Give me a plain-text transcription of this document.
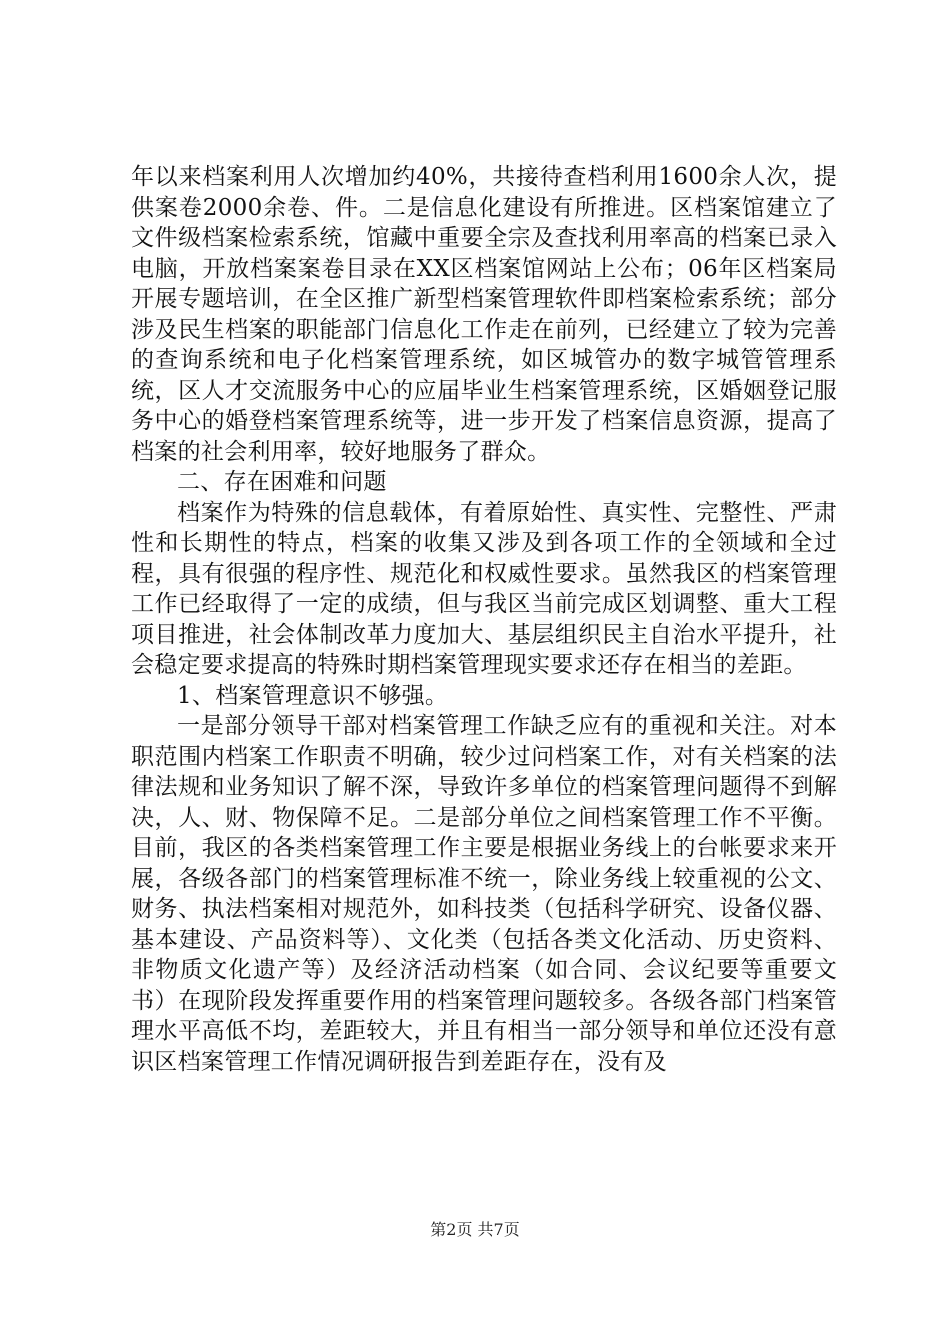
年以来档案利用人次增加约40%，共接待查档利用1600余人次，提供案卷2000余卷、件。二是信息化建设有所推进。区档案馆建立了文件级档案检索系统，馆藏中重要全宗及查找利用率高的档案已录入电脑，开放档案案卷目录在XX区档案馆网站上公布；06年区档案局开展专题培训，在全区推广新型档案管理软件即档案检索系统；部分涉及民生档案的职能部门信息化工作走在前列，已经建立了较为完善的查询系统和电子化档案管理系统，如区城管办的数字城管管理系统，区人才交流服务中心的应届毕业生档案管理系统，区婚姻登记服务中心的婚登档案管理系统等，进一步开发了档案信息资源，提高了档案的社会利用率，较好地服务了群众。

二、存在困难和问题

档案作为特殊的信息载体，有着原始性、真实性、完整性、严肃性和长期性的特点，档案的收集又涉及到各项工作的全领域和全过程，具有很强的程序性、规范化和权威性要求。虽然我区的档案管理工作已经取得了一定的成绩，但与我区当前完成区划调整、重大工程项目推进，社会体制改革力度加大、基层组织民主自治水平提升，社会稳定要求提高的特殊时期档案管理现实要求还存在相当的差距。

1、档案管理意识不够强。

一是部分领导干部对档案管理工作缺乏应有的重视和关注。对本职范围内档案工作职责不明确，较少过问档案工作，对有关档案的法律法规和业务知识了解不深，导致许多单位的档案管理问题得不到解决，人、财、物保障不足。二是部分单位之间档案管理工作不平衡。目前，我区的各类档案管理工作主要是根据业务线上的台帐要求来开展，各级各部门的档案管理标准不统一，除业务线上较重视的公文、财务、执法档案相对规范外，如科技类（包括科学研究、设备仪器、基本建设、产品资料等）、文化类（包括各类文化活动、历史资料、非物质文化遗产等）及经济活动档案（如合同、会议纪要等重要文书）在现阶段发挥重要作用的档案管理问题较多。各级各部门档案管理水平高低不均，差距较大，并且有相当一部分领导和单位还没有意识区档案管理工作情况调研报告到差距存在，没有及

第2页 共7页
